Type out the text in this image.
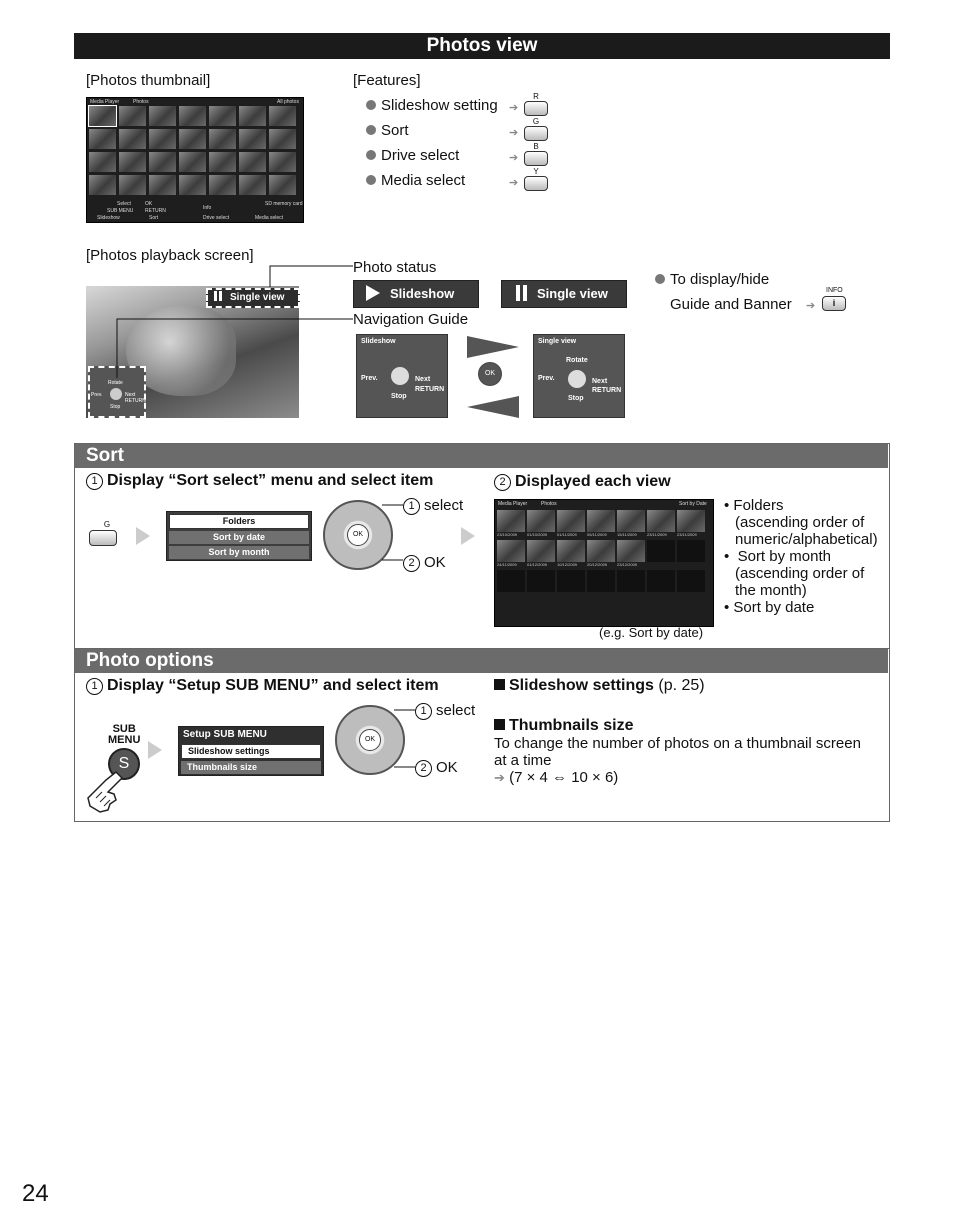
Photos view
[Photos thumbnail]
Media Player	Photos	All photos
Select	OK
Info
SD memory card
SUB MENU RETURN
Slideshow	Sort	Drive select	Media select
[Features]
Slideshow setting ➔
R
Sort	➔
G
Drive select	➔
B
Media select	➔
Y
[Photos playback screen]
Single view
Rotate
Prev.	Next
RETURN
Stop
Photo status
Slideshow	Single view
Navigation Guide
To display/hide
Guide and Banner ➔
INFO
i
Slideshow
Prev.	Next
RETURN
Stop
OK
Single view
Rotate
Prev.	Next
RETURN
Stop
Sort
1 Display “Sort select” menu and select item
G	Folders
Sort by date
Sort by month
OK
1 select
2 OK
2 Displayed each view
Media Player	Photos	Sort by Date
23/10/2009 01/10/2009 01/11/2009	05/11/2009	15/11/2009	23/11/2009	23/11/2009
24/11/2009	01/12/2009 10/12/2009 20/12/2009 23/12/2009
(e.g. Sort by date)
• Folders
(ascending order of
numeric/alphabetical)
•  Sort by month
(ascending order of
the month)
• Sort by date
Photo options
1 Display “Setup SUB MENU” and select item
SUB
MENU
S
Setup SUB MENU
Slideshow settings
Thumbnails size
OK
1 select
2 OK
Slideshow settings (p. 25)
Thumbnails size
To change the number of photos on a thumbnail screen
at a time
➔ (7 × 4 ⇔ 10 × 6)
24
